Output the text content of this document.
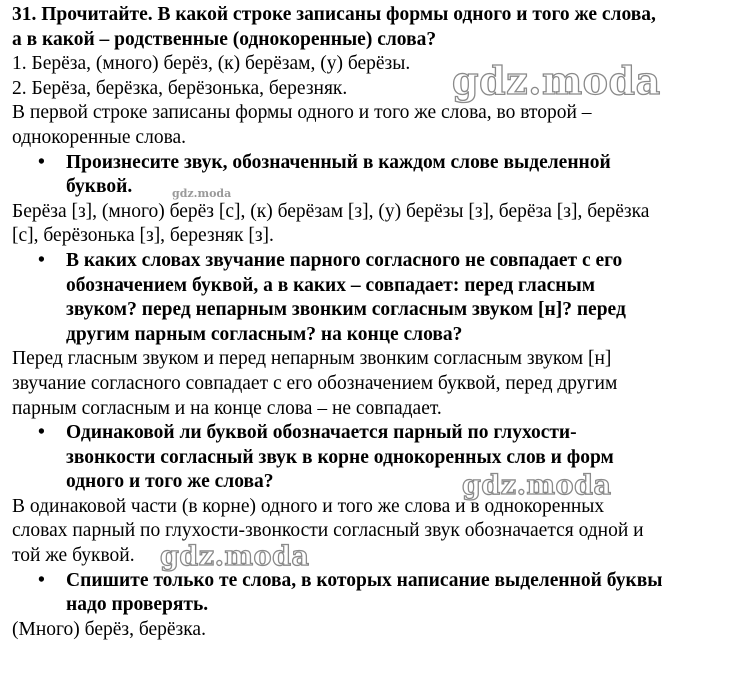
31. Прочитайте. В какой строке записаны формы одного и того же слова,
а в какой – родственные (однокоренные) слова?
1. Берёза, (много) берёз, (к) берёзам, (у) берёзы.
2. Берёза, берёзка, берёзонька, березняк.
В первой строке записаны формы одного и того же слова, во второй –
однокоренные слова.
• Произнесите звук, обозначенный в каждом слове выделенной
буквой.
Берёза [з], (много) берёз [с], (к) берёзам [з], (у) берёзы [з], берёза [з], берёзка
[с], берёзонька [з], березняк [з].
• В каких словах звучание парного согласного не совпадает с его
обозначением буквой, а в каких – совпадает: перед гласным
звуком? перед непарным звонким согласным звуком [н]? перед
другим парным согласным? на конце слова?
Перед гласным звуком и перед непарным звонким согласным звуком [н]
звучание согласного совпадает с его обозначением буквой, перед другим
парным согласным и на конце слова – не совпадает.
• Одинаковой ли буквой обозначается парный по глухости-
звонкости согласный звук в корне однокоренных слов и форм
одного и того же слова?
В одинаковой части (в корне) одного и того же слова и в однокоренных
словах парный по глухости-звонкости согласный звук обозначается одной и
той же буквой.
• Спишите только те слова, в которых написание выделенной буквы
надо проверять.
(Много) берёз, берёзка.
gdz.moda
gdz.moda
gdz.moda
gdz.moda
